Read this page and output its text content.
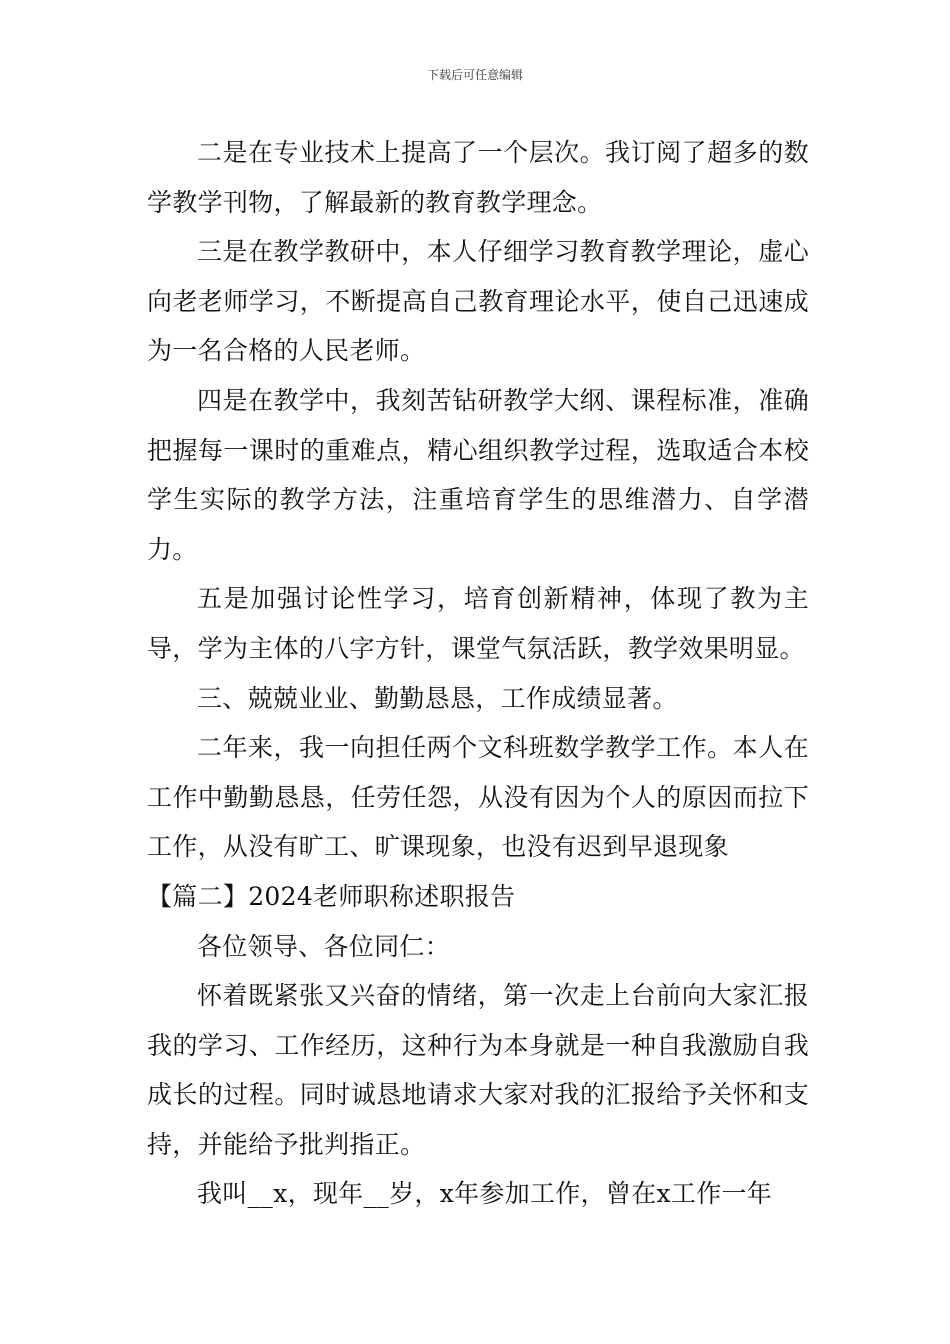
下载后可任意编辑

二是在专业技术上提高了一个层次。我订阅了超多的数学教学刊物，了解最新的教育教学理念。

三是在教学教研中，本人仔细学习教育教学理论，虚心向老老师学习，不断提高自己教育理论水平，使自己迅速成为一名合格的人民老师。

四是在教学中，我刻苦钻研教学大纲、课程标准，准确把握每一课时的重难点，精心组织教学过程，选取适合本校学生实际的教学方法，注重培育学生的思维潜力、自学潜力。

五是加强讨论性学习，培育创新精神，体现了教为主导，学为主体的八字方针，课堂气氛活跃，教学效果明显。

三、兢兢业业、勤勤恳恳，工作成绩显著。

二年来，我一向担任两个文科班数学教学工作。本人在工作中勤勤恳恳，任劳任怨，从没有因为个人的原因而拉下工作，从没有旷工、旷课现象，也没有迟到早退现象

【篇二】2024老师职称述职报告

各位领导、各位同仁：

怀着既紧张又兴奋的情绪，第一次走上台前向大家汇报我的学习、工作经历，这种行为本身就是一种自我激励自我成长的过程。同时诚恳地请求大家对我的汇报给予关怀和支持，并能给予批判指正。

我叫__x，现年__岁，x年参加工作，曾在x工作一年
